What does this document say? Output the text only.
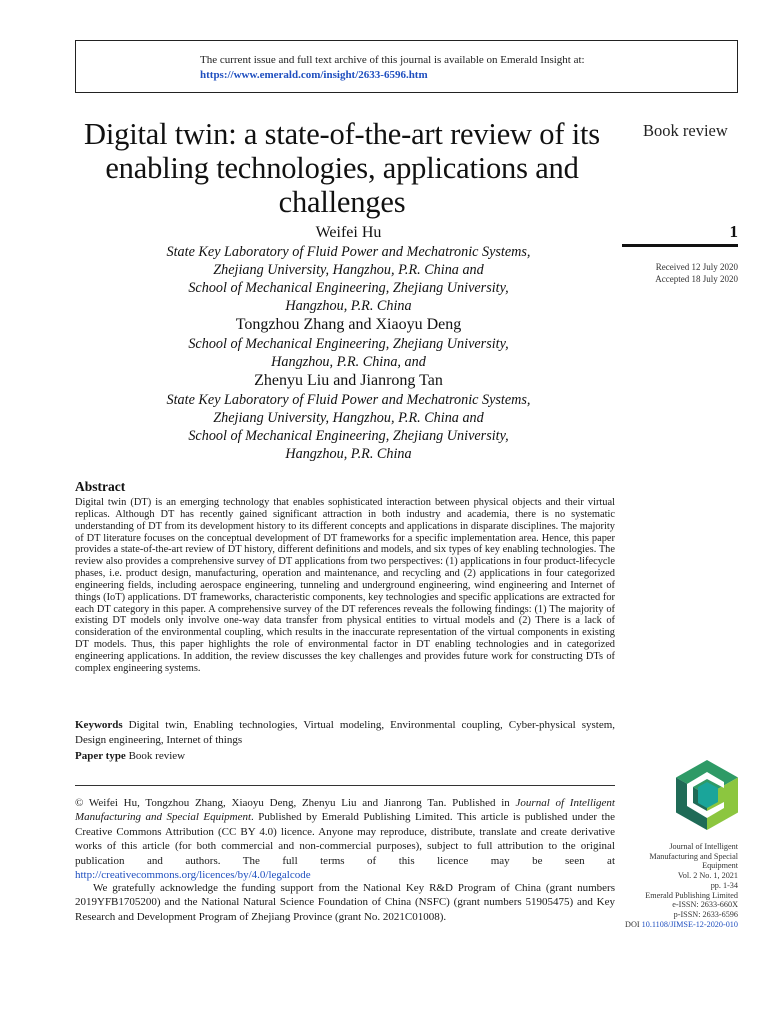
The current issue and full text archive of this journal is available on Emerald Insight at:
https://www.emerald.com/insight/2633-6596.htm
Digital twin: a state-of-the-art review of its enabling technologies, applications and challenges
Book review
1
Received 12 July 2020
Accepted 18 July 2020
Weifei Hu
State Key Laboratory of Fluid Power and Mechatronic Systems,
Zhejiang University, Hangzhou, P.R. China and
School of Mechanical Engineering, Zhejiang University,
Hangzhou, P.R. China
Tongzhou Zhang and Xiaoyu Deng
School of Mechanical Engineering, Zhejiang University,
Hangzhou, P.R. China, and
Zhenyu Liu and Jianrong Tan
State Key Laboratory of Fluid Power and Mechatronic Systems,
Zhejiang University, Hangzhou, P.R. China and
School of Mechanical Engineering, Zhejiang University,
Hangzhou, P.R. China
Abstract

Digital twin (DT) is an emerging technology that enables sophisticated interaction between physical objects and their virtual replicas. Although DT has recently gained significant attraction in both industry and academia, there is no systematic understanding of DT from its development history to its different concepts and applications in disparate disciplines. The majority of DT literature focuses on the conceptual development of DT frameworks for a specific implementation area. Hence, this paper provides a state-of-the-art review of DT history, different definitions and models, and six types of key enabling technologies. The review also provides a comprehensive survey of DT applications from two perspectives: (1) applications in four product-lifecycle phases, i.e. product design, manufacturing, operation and maintenance, and recycling and (2) applications in four categorized engineering fields, including aerospace engineering, tunneling and underground engineering, wind engineering and Internet of things (IoT) applications. DT frameworks, characteristic components, key technologies and specific applications are extracted for each DT category in this paper. A comprehensive survey of the DT references reveals the following findings: (1) The majority of existing DT models only involve one-way data transfer from physical entities to virtual models and (2) There is a lack of consideration of the environmental coupling, which results in the inaccurate representation of the virtual components in existing DT models. Thus, this paper highlights the role of environmental factor in DT enabling technologies and in categorized engineering applications. In addition, the review discusses the key challenges and provides future work for constructing DTs of complex engineering systems.

Keywords Digital twin, Enabling technologies, Virtual modeling, Environmental coupling, Cyber-physical system, Design engineering, Internet of things

Paper type Book review

© Weifei Hu, Tongzhou Zhang, Xiaoyu Deng, Zhenyu Liu and Jianrong Tan. Published in Journal of Intelligent Manufacturing and Special Equipment. Published by Emerald Publishing Limited. This article is published under the Creative Commons Attribution (CC BY 4.0) licence. Anyone may reproduce, distribute, translate and create derivative works of this article (for both commercial and non-commercial purposes), subject to full attribution to the original publication and authors. The full terms of this licence may be seen at http://creativecommons.org/licences/by/4.0/legalcode

We gratefully acknowledge the funding support from the National Key R&D Program of China (grant numbers 2019YFB1705200) and the National Natural Science Foundation of China (NSFC) (grant numbers 51905475) and Key Research and Development Program of Zhejiang Province (grant No. 2021C01008).

Journal of Intelligent
Manufacturing and Special
Equipment
Vol. 2 No. 1, 2021
pp. 1-34
Emerald Publishing Limited
e-ISSN: 2633-660X
p-ISSN: 2633-6596
DOI 10.1108/JIMSE-12-2020-010
